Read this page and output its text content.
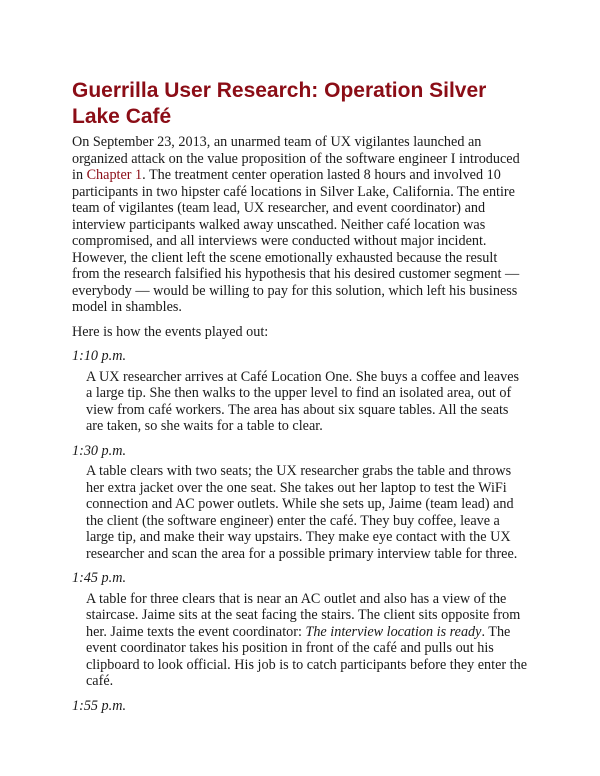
Guerrilla User Research: Operation Silver Lake Café

On September 23, 2013, an unarmed team of UX vigilantes launched an organized attack on the value proposition of the software engineer I introduced in Chapter 1. The treatment center operation lasted 8 hours and involved 10 participants in two hipster café locations in Silver Lake, California. The entire team of vigilantes (team lead, UX researcher, and event coordinator) and interview participants walked away unscathed. Neither café location was compromised, and all interviews were conducted without major incident. However, the client left the scene emotionally exhausted because the result from the research falsified his hypothesis that his desired customer segment — everybody — would be willing to pay for this solution, which left his business model in shambles.

Here is how the events played out:

1:10 p.m.
A UX researcher arrives at Café Location One. She buys a coffee and leaves a large tip. She then walks to the upper level to find an isolated area, out of view from café workers. The area has about six square tables. All the seats are taken, so she waits for a table to clear.
1:30 p.m.
A table clears with two seats; the UX researcher grabs the table and throws her extra jacket over the one seat. She takes out her laptop to test the WiFi connection and AC power outlets. While she sets up, Jaime (team lead) and the client (the software engineer) enter the café. They buy coffee, leave a large tip, and make their way upstairs. They make eye contact with the UX researcher and scan the area for a possible primary interview table for three.
1:45 p.m.
A table for three clears that is near an AC outlet and also has a view of the staircase. Jaime sits at the seat facing the stairs. The client sits opposite from her. Jaime texts the event coordinator: The interview location is ready. The event coordinator takes his position in front of the café and pulls out his clipboard to look official. His job is to catch participants before they enter the café.
1:55 p.m.
